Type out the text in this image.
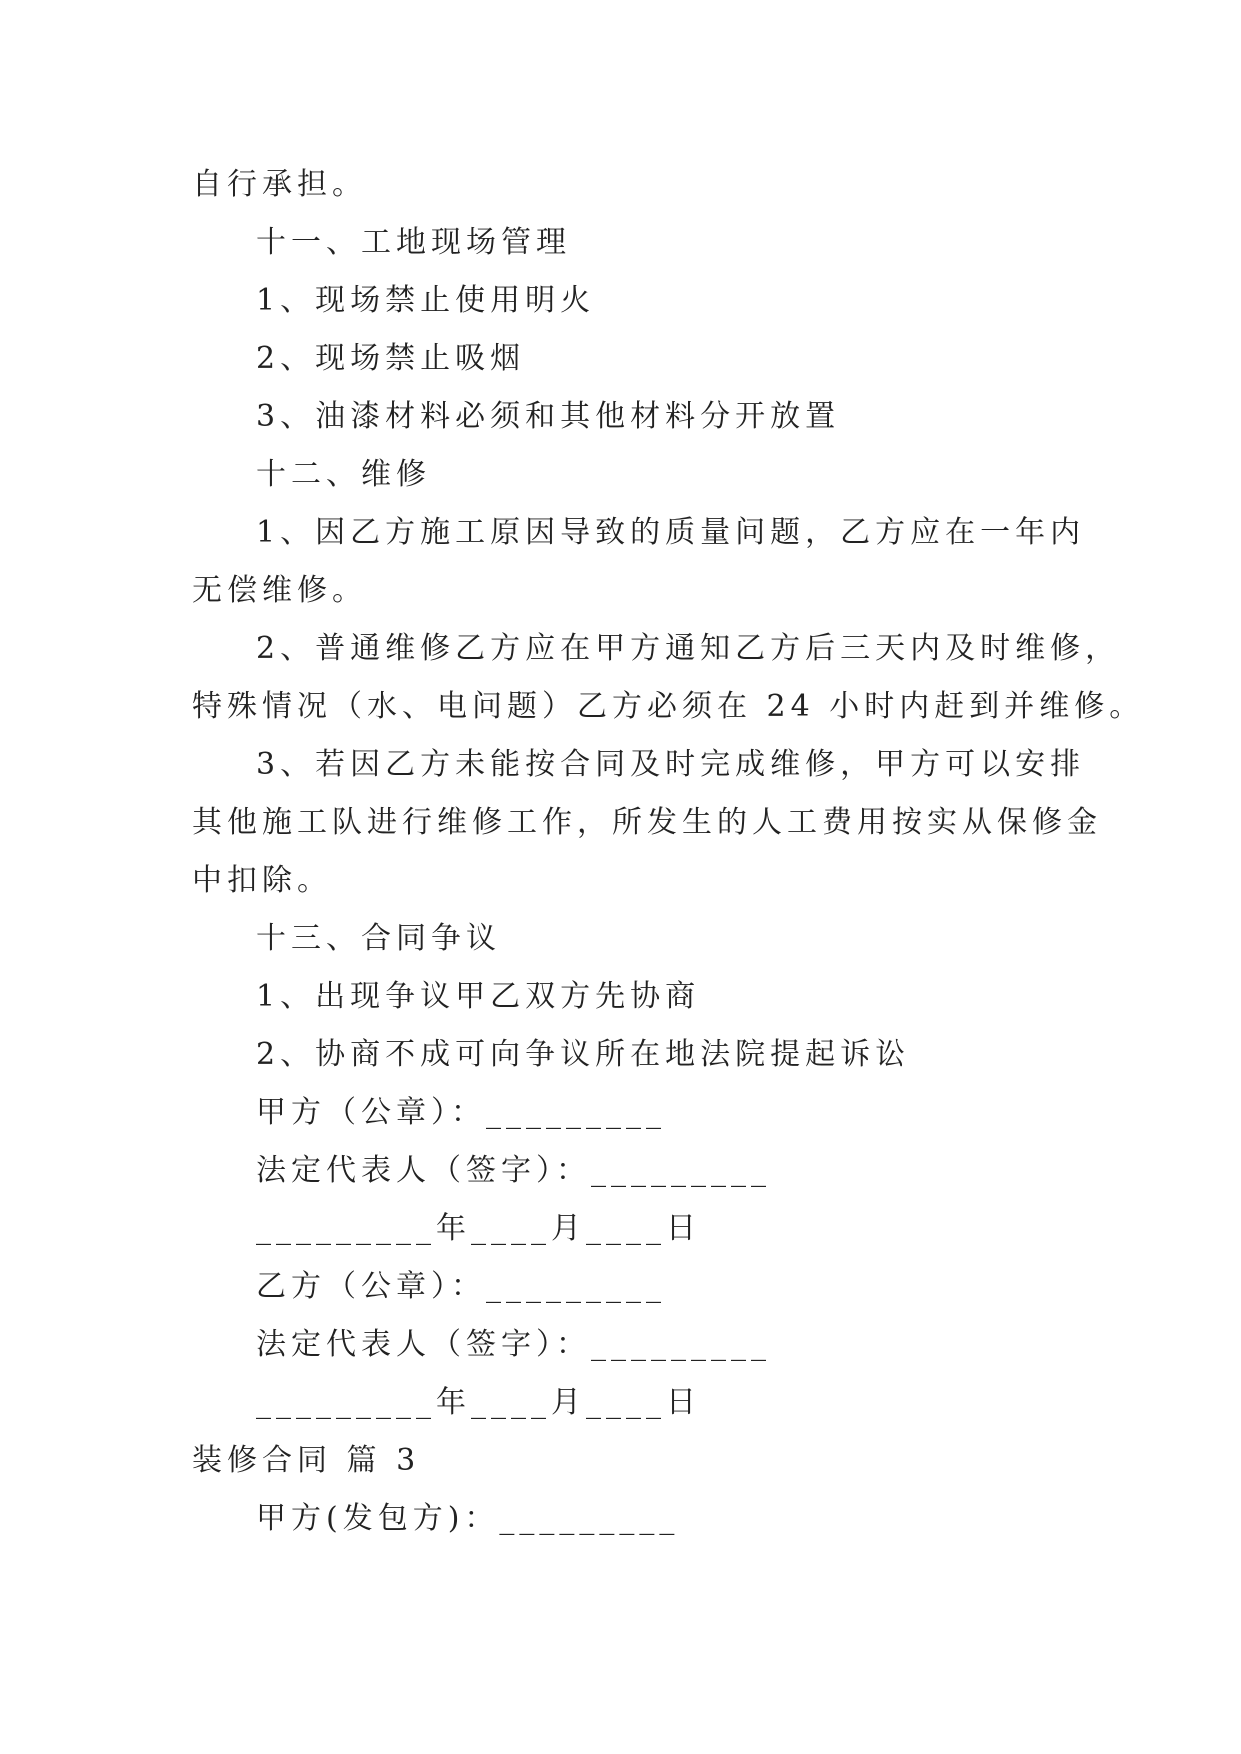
自行承担。
十一、工地现场管理
1、现场禁止使用明火
2、现场禁止吸烟
3、油漆材料必须和其他材料分开放置
十二、维修
1、因乙方施工原因导致的质量问题，乙方应在一年内
无偿维修。
2、普通维修乙方应在甲方通知乙方后三天内及时维修，
特殊情况（水、电问题）乙方必须在 24 小时内赶到并维修。
3、若因乙方未能按合同及时完成维修，甲方可以安排
其他施工队进行维修工作，所发生的人工费用按实从保修金
中扣除。
十三、合同争议
1、出现争议甲乙双方先协商
2、协商不成可向争议所在地法院提起诉讼
甲方（公章）：_________
法定代表人（签字）：_________
_________年____月____日
乙方（公章）：_________
法定代表人（签字）：_________
_________年____月____日
装修合同 篇 3
甲方(发包方)：_________
